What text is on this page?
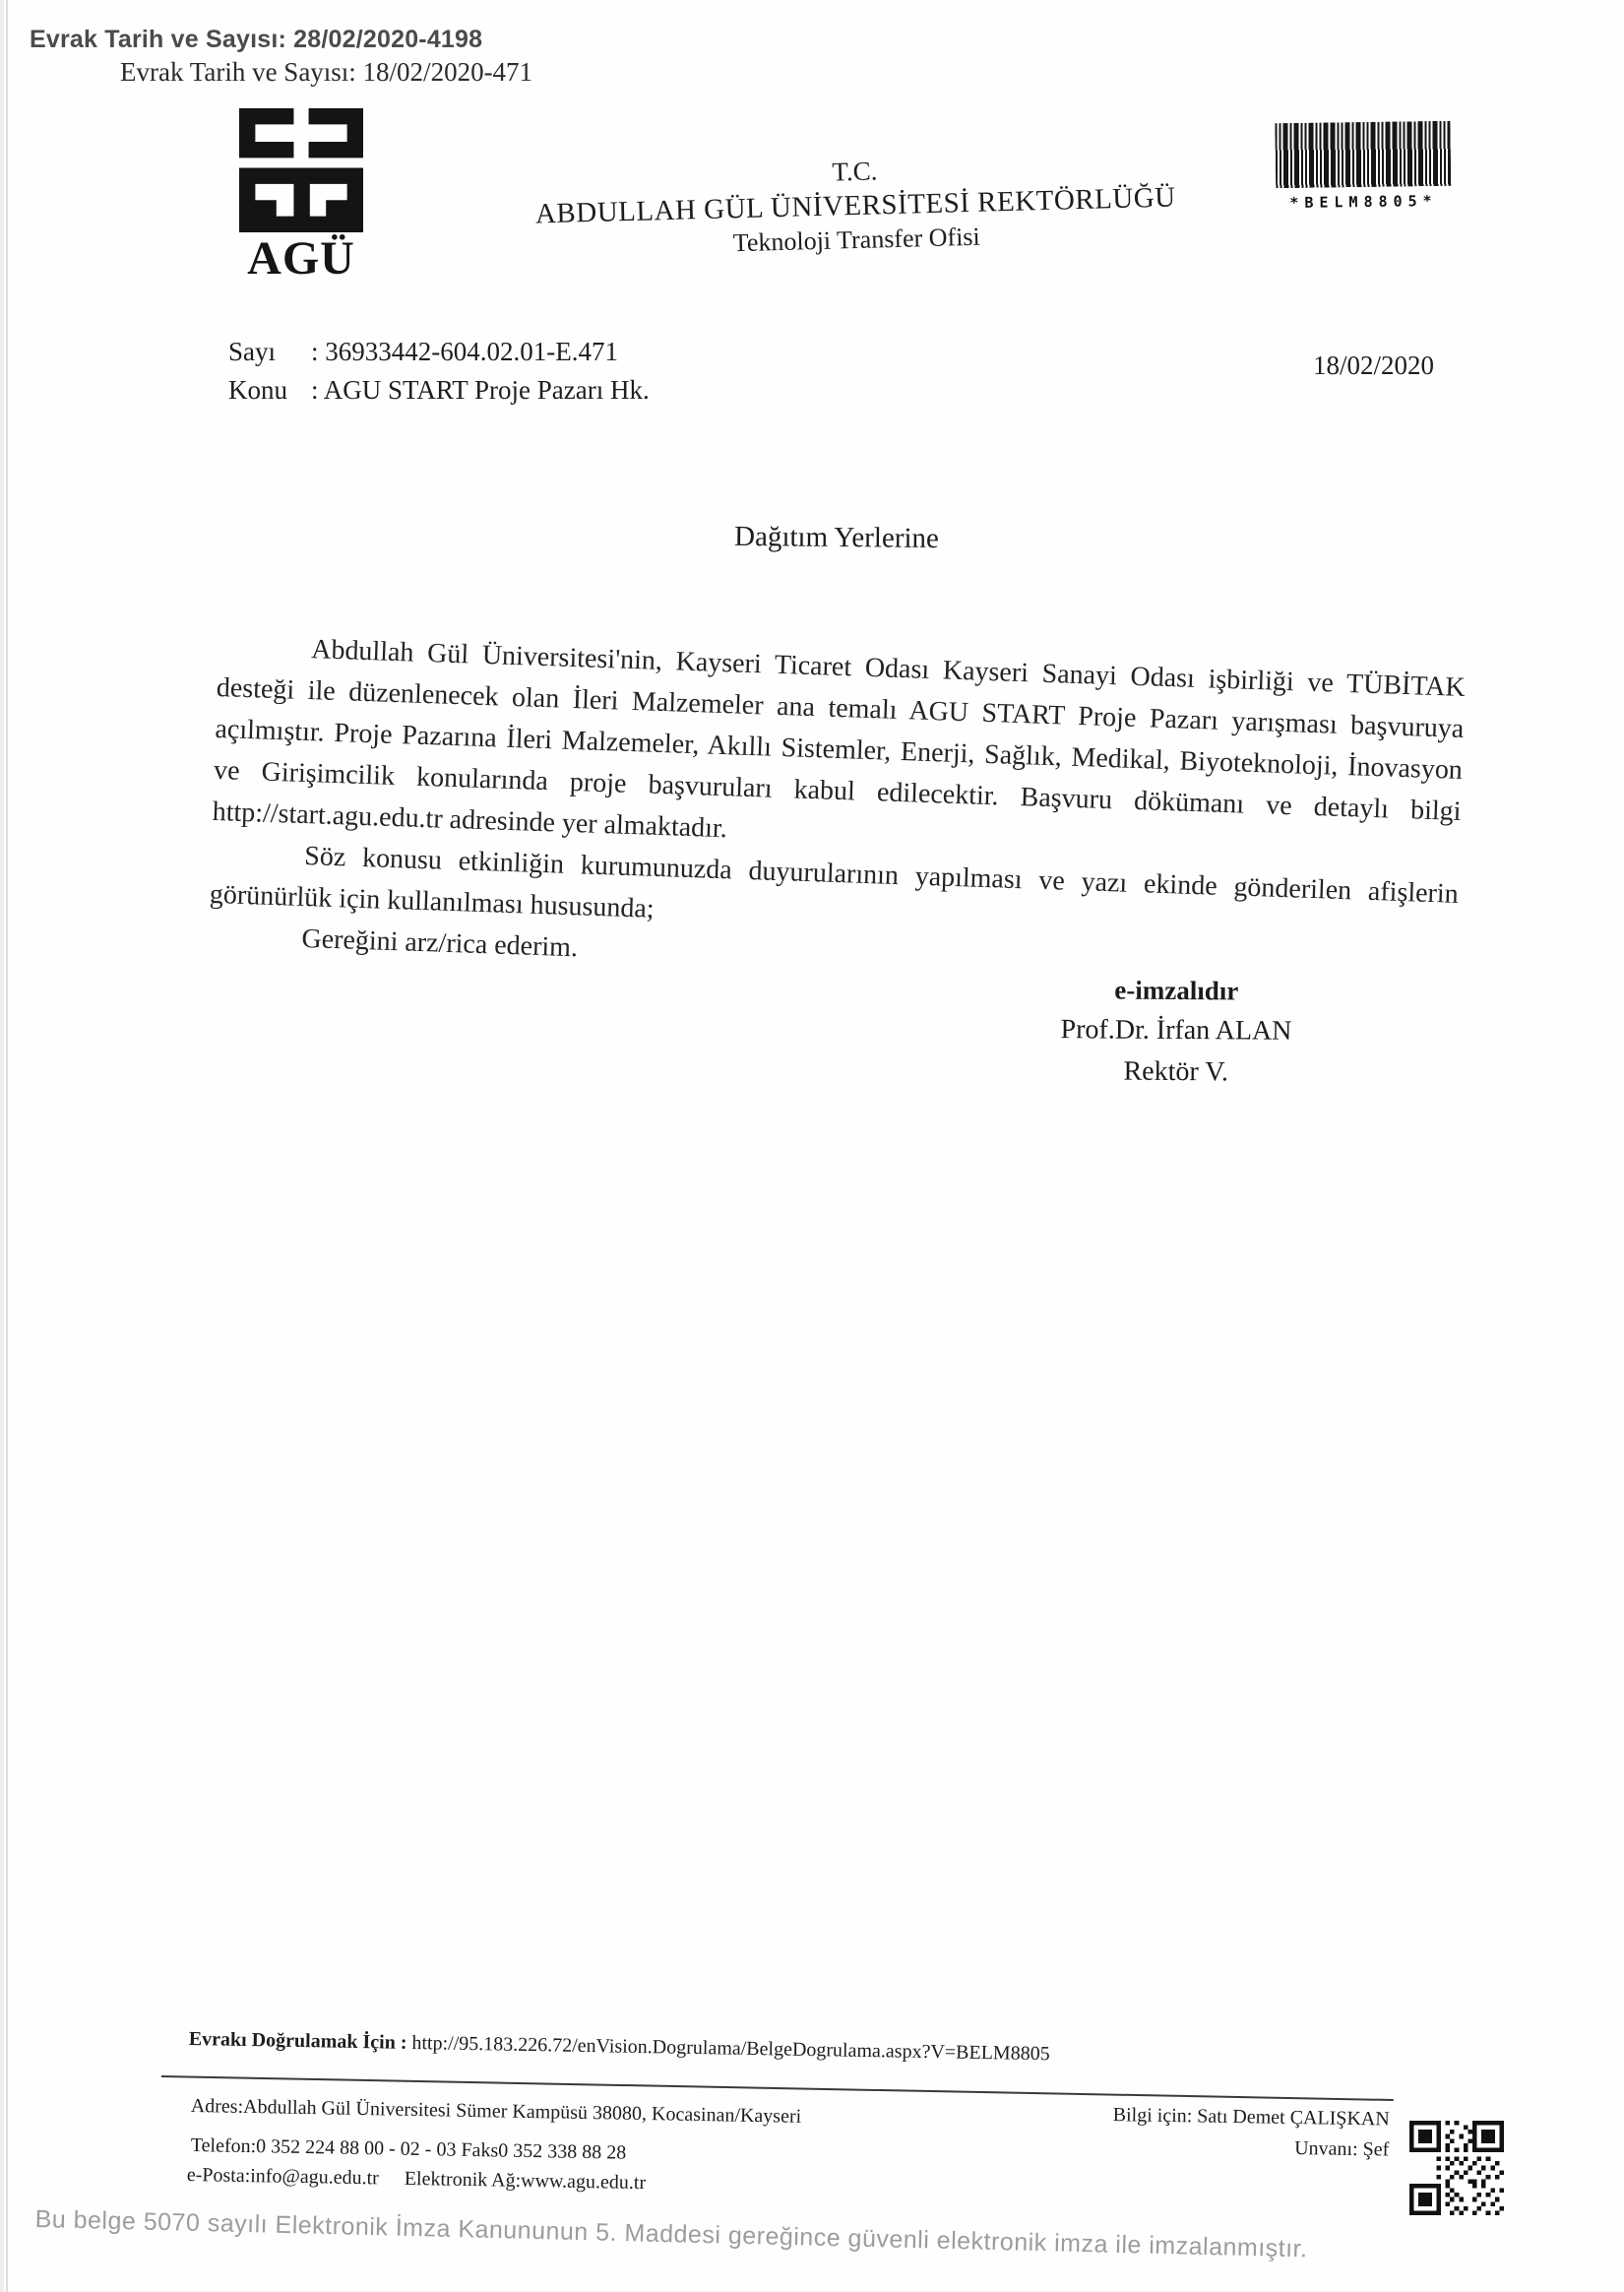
Evrak Tarih ve Sayısı: 28/02/2020-4198
Evrak Tarih ve Sayısı: 18/02/2020-471
AGÜ
T.C.
ABDULLAH GÜL ÜNİVERSİTESİ REKTÖRLÜĞÜ
Teknoloji Transfer Ofisi
*BELM8805*
Sayı	: 36933442-604.02.01-E.471
Konu : AGU START Proje Pazarı Hk.
18/02/2020
Dağıtım Yerlerine

Abdullah Gül Üniversitesi'nin, Kayseri Ticaret Odası Kayseri Sanayi Odası işbirliği ve TÜBİTAK desteği ile düzenlenecek olan İleri Malzemeler ana temalı AGU START Proje Pazarı yarışması başvuruya açılmıştır. Proje Pazarına İleri Malzemeler, Akıllı Sistemler, Enerji, Sağlık, Medikal, Biyoteknoloji, İnovasyon ve Girişimcilik konularında proje başvuruları kabul edilecektir. Başvuru dökümanı ve detaylı bilgi http://start.agu.edu.tr adresinde yer almaktadır.

Söz konusu etkinliğin kurumunuzda duyurularının yapılması ve yazı ekinde gönderilen afişlerin görünürlük için kullanılması hususunda;

Gereğini arz/rica ederim.

e-imzalıdır
Prof.Dr. İrfan ALAN
Rektör V.
Evrakı Doğrulamak İçin : http://95.183.226.72/enVision.Dogrulama/BelgeDogrulama.aspx?V=BELM8805
Adres:Abdullah Gül Üniversitesi Sümer Kampüsü 38080, Kocasinan/Kayseri
Telefon:0 352 224 88 00 - 02 - 03 Faks0 352 338 88 28
e-Posta:info@agu.edu.tr Elektronik Ağ:www.agu.edu.tr
Bilgi için: Satı Demet ÇALIŞKAN
Unvanı: Şef
Bu belge 5070 sayılı Elektronik İmza Kanununun 5. Maddesi gereğince güvenli elektronik imza ile imzalanmıştır.
